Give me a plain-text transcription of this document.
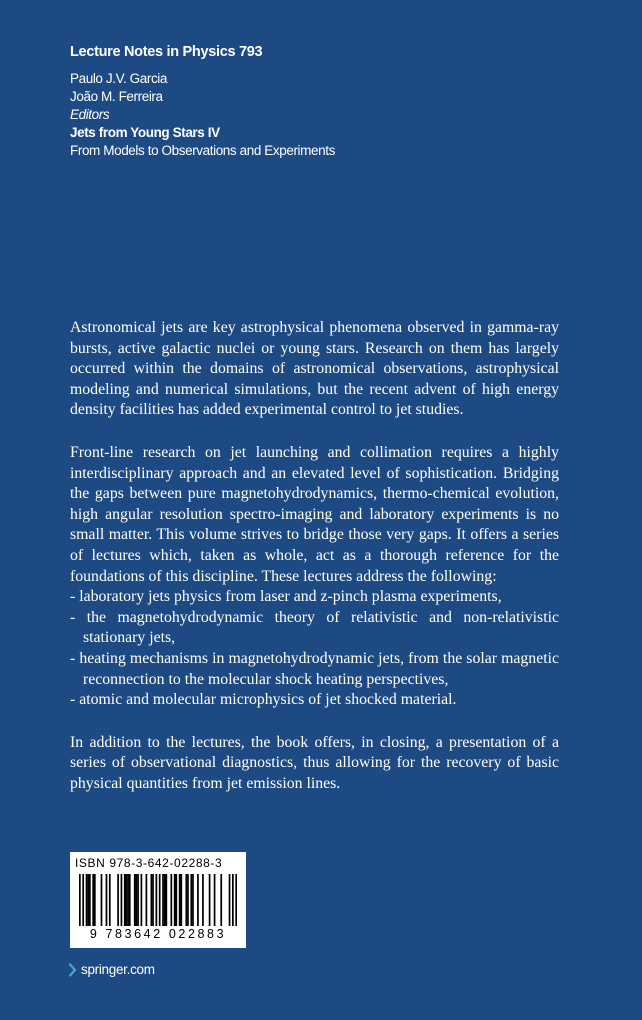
Lecture Notes in Physics 793
Paulo J.V. Garcia
João M. Ferreira
Editors
Jets from Young Stars IV
From Models to Observations and Experiments

Astronomical jets are key astrophysical phenomena observed in gamma-ray bursts, active galactic nuclei or young stars. Research on them has largely occurred within the domains of astronomical observations, astrophysical modeling and numerical simulations, but the recent advent of high energy density facilities has added experimental control to jet studies.

Front-line research on jet launching and collimation requires a highly interdisciplinary approach and an elevated level of sophistication. Bridging the gaps between pure magnetohydrodynamics, thermo-chemical evolution, high angular resolution spectro-imaging and laboratory experiments is no small matter. This volume strives to bridge those very gaps. It offers a series of lectures which, taken as whole, act as a thorough reference for the foundations of this discipline. These lectures address the following:

- laboratory jets physics from laser and z-pinch plasma experiments,
- the magnetohydrodynamic theory of relativistic and non-relativistic stationary jets,
- heating mechanisms in magnetohydrodynamic jets, from the solar magnetic reconnection to the molecular shock heating perspectives,
- atomic and molecular microphysics of jet shocked material.

In addition to the lectures, the book offers, in closing, a presentation of a series of observational diagnostics, thus allowing for the recovery of basic physical quantities from jet emission lines.

ISBN 978-3-642-02288-3
9 783642 022883
springer.com
